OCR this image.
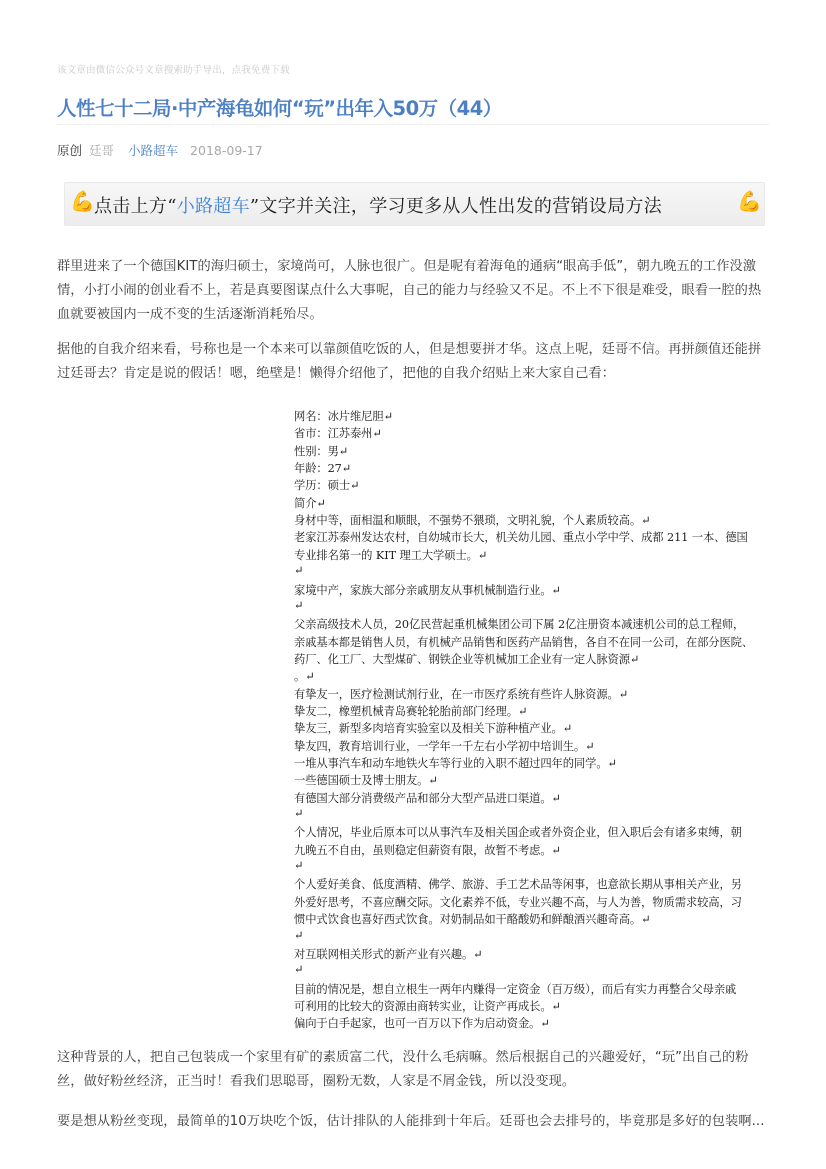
该文章由微信公众号文章搜索助手导出，点我免费下载
人性七十二局·中产海龟如何“玩”出年入50万（44）
原创 廷哥 小路超车 2018-09-17
💪 点击上方“小路超车”文字并关注，学习更多从人性出发的营销设局方法	💪
群里进来了一个德国KIT的海归硕士，家境尚可，人脉也很广。但是呢有着海龟的通病“眼高手低”，朝九晚五的工作没激
情，小打小闹的创业看不上，若是真要图谋点什么大事呢，自己的能力与经验又不足。不上不下很是难受，眼看一腔的热
血就要被国内一成不变的生活逐渐消耗殆尽。
据他的自我介绍来看，号称也是一个本来可以靠颜值吃饭的人，但是想要拼才华。这点上呢，廷哥不信。再拼颜值还能拼
过廷哥去？肯定是说的假话！嗯，绝壁是！懒得介绍他了，把他的自我介绍贴上来大家自己看：
网名：冰片维尼胆↵
省市：江苏泰州↵
性别：男↵
年龄：27↵
学历：硕士↵
简介↵
身材中等，面相温和顺眼，不强势不猥琐，文明礼貌，个人素质较高。↵
老家江苏泰州发达农村，自幼城市长大，机关幼儿园、重点小学中学、成都 211 一本、德国
专业排名第一的 KIT 理工大学硕士。↵
↵
家境中产，家族大部分亲戚朋友从事机械制造行业。↵
↵
父亲高级技术人员，20亿民营起重机械集团公司下属 2亿注册资本减速机公司的总工程师，
亲戚基本都是销售人员，有机械产品销售和医药产品销售，各自不在同一公司，在部分医院、
药厂、化工厂、大型煤矿、钢铁企业等机械加工企业有一定人脉资源↵
。↵
有挚友一，医疗检测试剂行业，在一市医疗系统有些许人脉资源。↵
挚友二，橡塑机械青岛赛轮轮胎前部门经理。↵
挚友三，新型多肉培育实验室以及相关下游种植产业。↵
挚友四，教育培训行业，一学年一千左右小学初中培训生。↵
一堆从事汽车和动车地铁火车等行业的入职不超过四年的同学。↵
一些德国硕士及博士朋友。↵
有德国大部分消费级产品和部分大型产品进口渠道。↵
↵
个人情况，毕业后原本可以从事汽车及相关国企或者外资企业，但入职后会有诸多束缚，朝
九晚五不自由，虽则稳定但薪资有限，故暂不考虑。↵
↵
个人爱好美食、低度酒精、佛学、旅游、手工艺术品等闲事，也意欲长期从事相关产业，另
外爱好思考，不喜应酬交际。文化素养不低，专业兴趣不高，与人为善，物质需求较高，习
惯中式饮食也喜好西式饮食。对奶制品如干酪酸奶和鲜酿酒兴趣奇高。↵
↵
对互联网相关形式的新产业有兴趣。↵
↵
目前的情况是，想自立根生一两年内赚得一定资金（百万级），而后有实力再整合父母亲戚
可利用的比较大的资源由商转实业，让资产再成长。↵
偏向于白手起家，也可一百万以下作为启动资金。↵
这种背景的人，把自己包装成一个家里有矿的素质富二代，没什么毛病嘛。然后根据自己的兴趣爱好，“玩”出自己的粉
丝，做好粉丝经济，正当时！看我们思聪哥，圈粉无数，人家是不屑金钱，所以没变现。
要是想从粉丝变现，最简单的10万块吃个饭，估计排队的人能排到十年后。廷哥也会去排号的，毕竟那是多好的包装啊...
